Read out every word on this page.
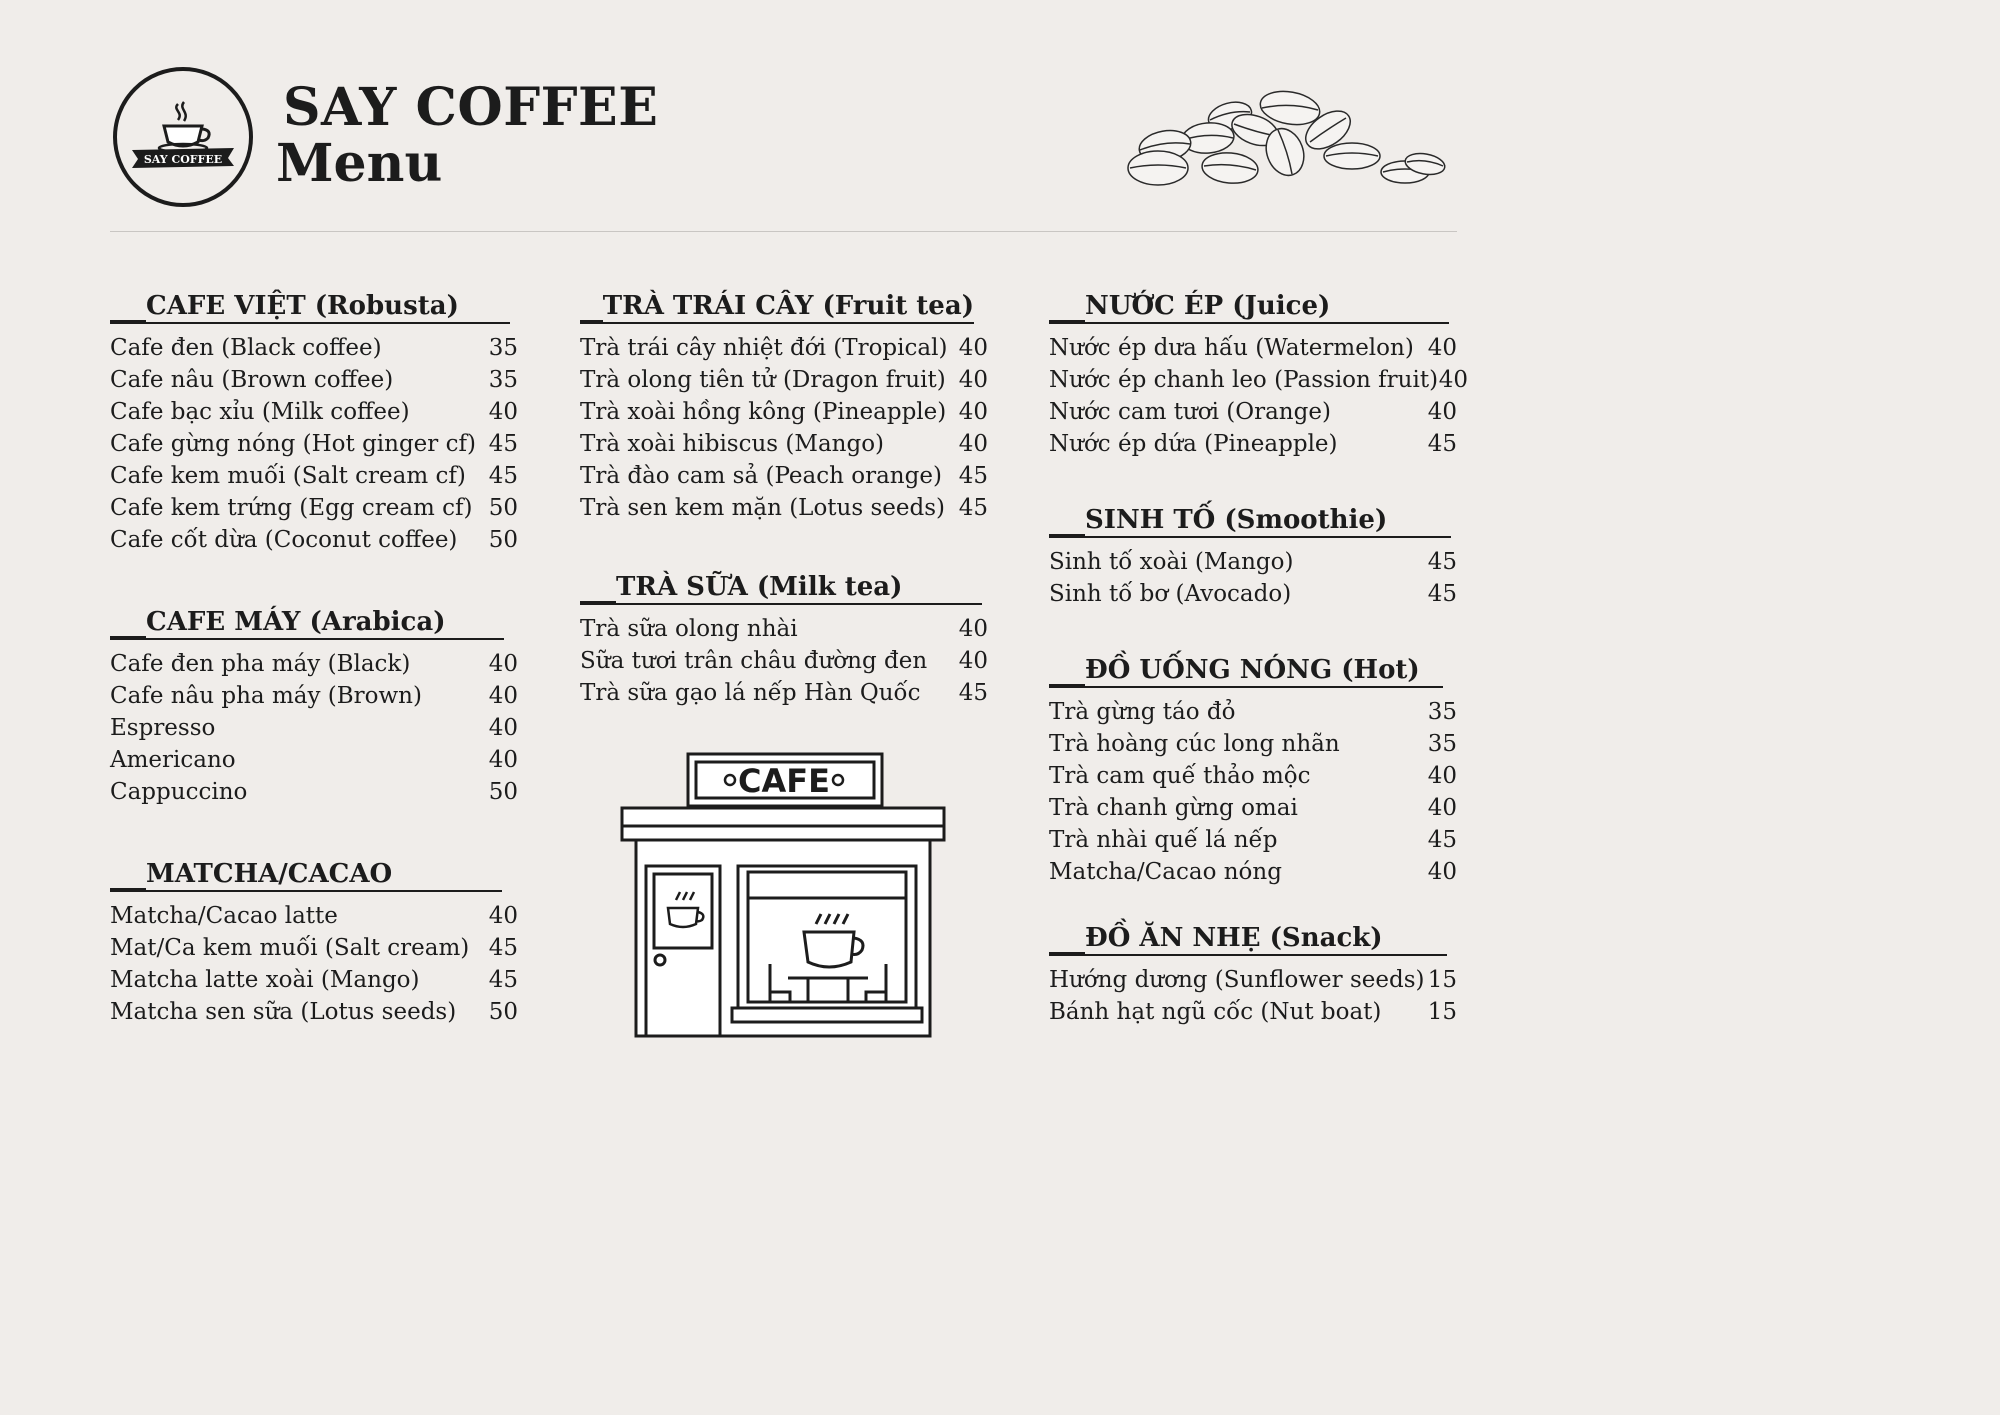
SAY COFFEE
SAY COFFEE
Menu
CAFE VIỆT (Robusta)
Cafe đen (Black coffee)	35
Cafe nâu (Brown coffee)	35
Cafe bạc xỉu (Milk coffee)	40
Cafe gừng nóng (Hot ginger cf) 45
Cafe kem muối (Salt cream cf) 45
Cafe kem trứng (Egg cream cf) 50
Cafe cốt dừa (Coconut coffee) 50
CAFE MÁY (Arabica)
Cafe đen pha máy (Black)	40
Cafe nâu pha máy (Brown)	40
Espresso	40
Americano	40
Cappuccino	50
MATCHA/CACAO
Matcha/Cacao latte	40
Mat/Ca kem muối (Salt cream) 45
Matcha latte xoài (Mango)	45
Matcha sen sữa (Lotus seeds) 50
TRÀ TRÁI CÂY (Fruit tea)
Trà trái cây nhiệt đới (Tropical) 40
Trà olong tiên tử (Dragon fruit) 40
Trà xoài hồng kông (Pineapple) 40
Trà xoài hibiscus (Mango)	40
Trà đào cam sả (Peach orange) 45
Trà sen kem mặn (Lotus seeds) 45
TRÀ SỮA (Milk tea)
Trà sữa olong nhài	40
Sữa tươi trân châu đường đen 40
Trà sữa gạo lá nếp Hàn Quốc 45
NƯỚC ÉP (Juice)
Nước ép dưa hấu (Watermelon) 40
Nước ép chanh leo (Passion fruit) 40
Nước cam tươi (Orange)	40
Nước ép dứa (Pineapple)	45
SINH TỐ (Smoothie)
Sinh tố xoài (Mango)	45
Sinh tố bơ (Avocado)	45
ĐỒ UỐNG NÓNG (Hot)
Trà gừng táo đỏ	35
Trà hoàng cúc long nhãn	35
Trà cam quế thảo mộc	40
Trà chanh gừng omai	40
Trà nhài quế lá nếp	45
Matcha/Cacao nóng	40
ĐỒ ĂN NHẸ (Snack)
Hướng dương (Sunflower seeds) 15
Bánh hạt ngũ cốc (Nut boat) 15
CAFE
